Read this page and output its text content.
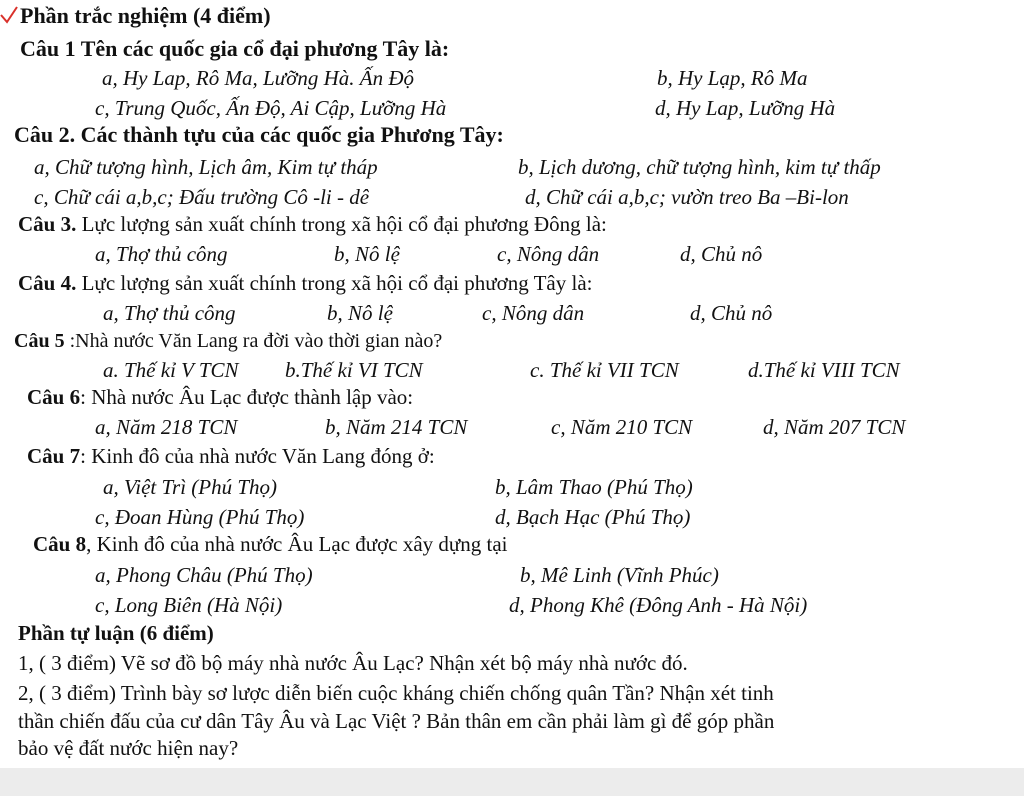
Phần trắc nghiệm (4 điểm)
Câu 1 Tên các quốc gia cổ đại phương Tây là:
a, Hy Lap, Rô Ma, Lưỡng Hà. Ấn Độ	b, Hy Lạp, Rô Ma
c, Trung Quốc, Ấn Độ, Ai Cập, Lưỡng Hà	d, Hy Lap, Lưỡng Hà
Câu 2. Các thành tựu của các quốc gia Phương Tây:
a, Chữ tượng hình, Lịch âm, Kim tự tháp	b, Lịch dương, chữ tượng hình, kim tự thấp
c, Chữ cái a,b,c; Đấu trường Cô -li - dê	d, Chữ cái a,b,c; vườn treo Ba –Bi-lon
Câu 3. Lực lượng sản xuất chính trong xã hội cổ đại phương Đông là:
a, Thợ thủ công	b, Nô lệ	c, Nông dân	d, Chủ nô
Câu 4. Lực lượng sản xuất chính trong xã hội cổ đại phương Tây là:
a, Thợ thủ công	b, Nô lệ	c, Nông dân	d, Chủ nô
Câu 5 :Nhà nước Văn Lang ra đời vào thời gian nào?
a. Thế kỉ V TCN b.Thế kỉ VI TCN	c. Thế kỉ VII TCN	d.Thế kỉ VIII TCN
Câu 6: Nhà nước Âu Lạc được thành lập vào:
a, Năm 218 TCN	b, Năm 214 TCN	c, Năm 210 TCN	d, Năm 207 TCN
Câu 7: Kinh đô của nhà nước Văn Lang đóng ở:
a, Việt Trì (Phú Thọ)	b, Lâm Thao (Phú Thọ)
c, Đoan Hùng (Phú Thọ)	d, Bạch Hạc (Phú Thọ)
Câu 8, Kinh đô của nhà nước Âu Lạc được xây dựng tại
a, Phong Châu (Phú Thọ)	b, Mê Linh (Vĩnh Phúc)
c, Long Biên (Hà Nội)	d, Phong Khê (Đông Anh - Hà Nội)
Phần tự luận (6 điểm)
1, ( 3 điểm) Vẽ sơ đồ bộ máy nhà nước Âu Lạc? Nhận xét bộ máy nhà nước đó.
2, ( 3 điểm) Trình bày sơ lược diễn biến cuộc kháng chiến chống quân Tần? Nhận xét tinh
thần chiến đấu của cư dân Tây Âu và Lạc Việt ? Bản thân em cần phải làm gì để góp phần
bảo vệ đất nước hiện nay?
